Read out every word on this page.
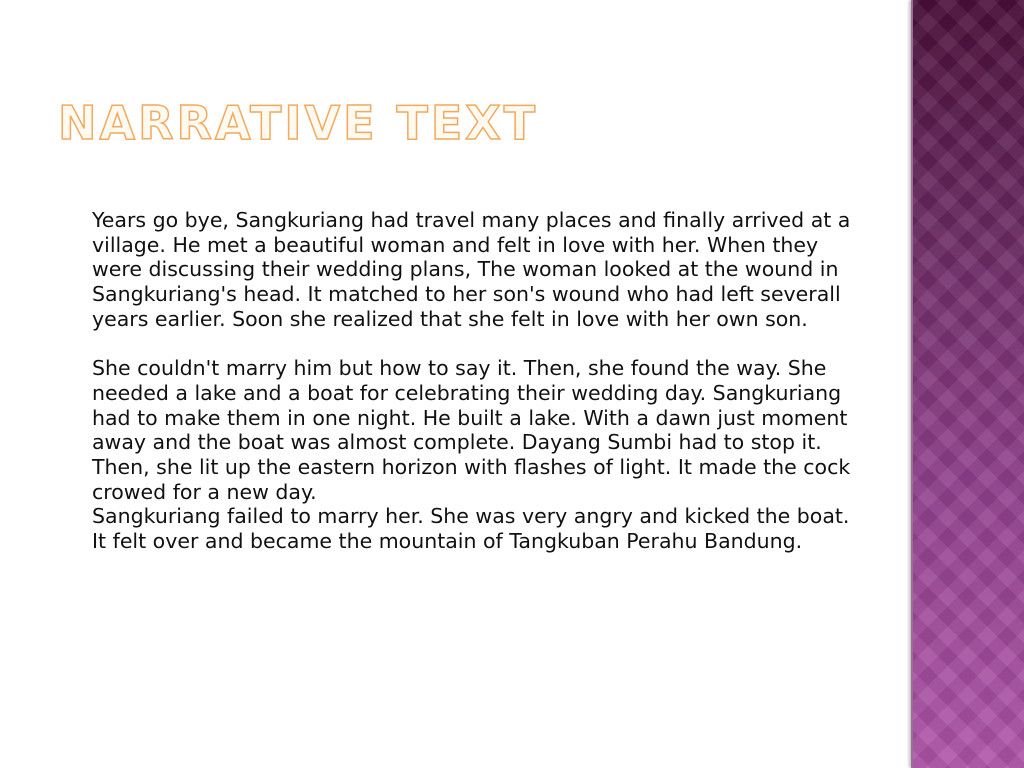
NARRATIVE TEXT

Years go bye, Sangkuriang had travel many places and finally arrived at a village. He met a beautiful woman and felt in love with her. When they were discussing their wedding plans, The woman looked at the wound in Sangkuriang's head. It matched to her son's wound who had left severall years earlier. Soon she realized that she felt in love with her own son.

She couldn't marry him but how to say it. Then, she found the way. She needed a lake and a boat for celebrating their wedding day. Sangkuriang had to make them in one night. He built a lake. With a dawn just moment away and the boat was almost complete. Dayang Sumbi had to stop it. Then, she lit up the eastern horizon with flashes of light. It made the cock crowed for a new day.

Sangkuriang failed to marry her. She was very angry and kicked the boat. It felt over and became the mountain of Tangkuban Perahu Bandung.
